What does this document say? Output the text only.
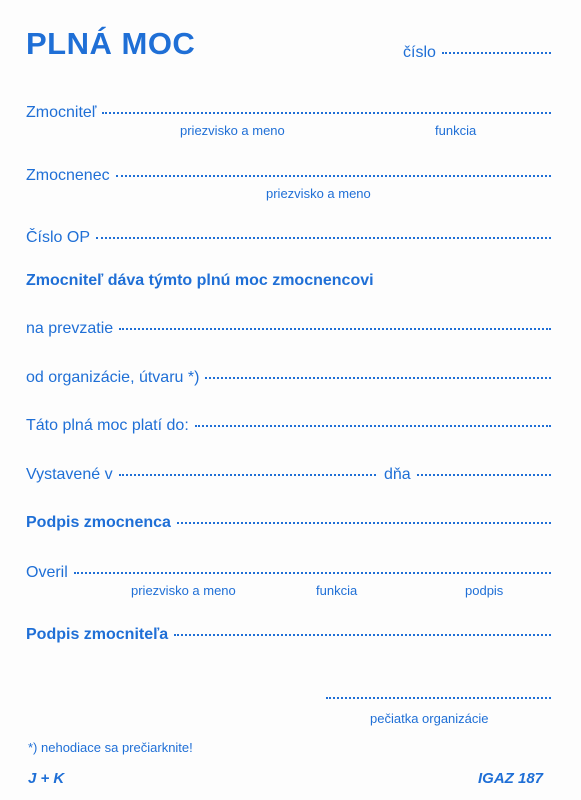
PLNÁ MOC	číslo
Zmocniteľ
priezvisko a meno	funkcia
Zmocnenec
priezvisko a meno
Číslo OP
Zmocniteľ dáva týmto plnú moc zmocnencovi
na prevzatie
od organizácie, útvaru *)
Táto plná moc platí do:
Vystavené v	dňa
Podpis zmocnenca
Overil
priezvisko a meno	funkcia	podpis
Podpis zmocniteľa
pečiatka organizácie
*) nehodiace sa prečiarknite!
J + K	IGAZ 187
